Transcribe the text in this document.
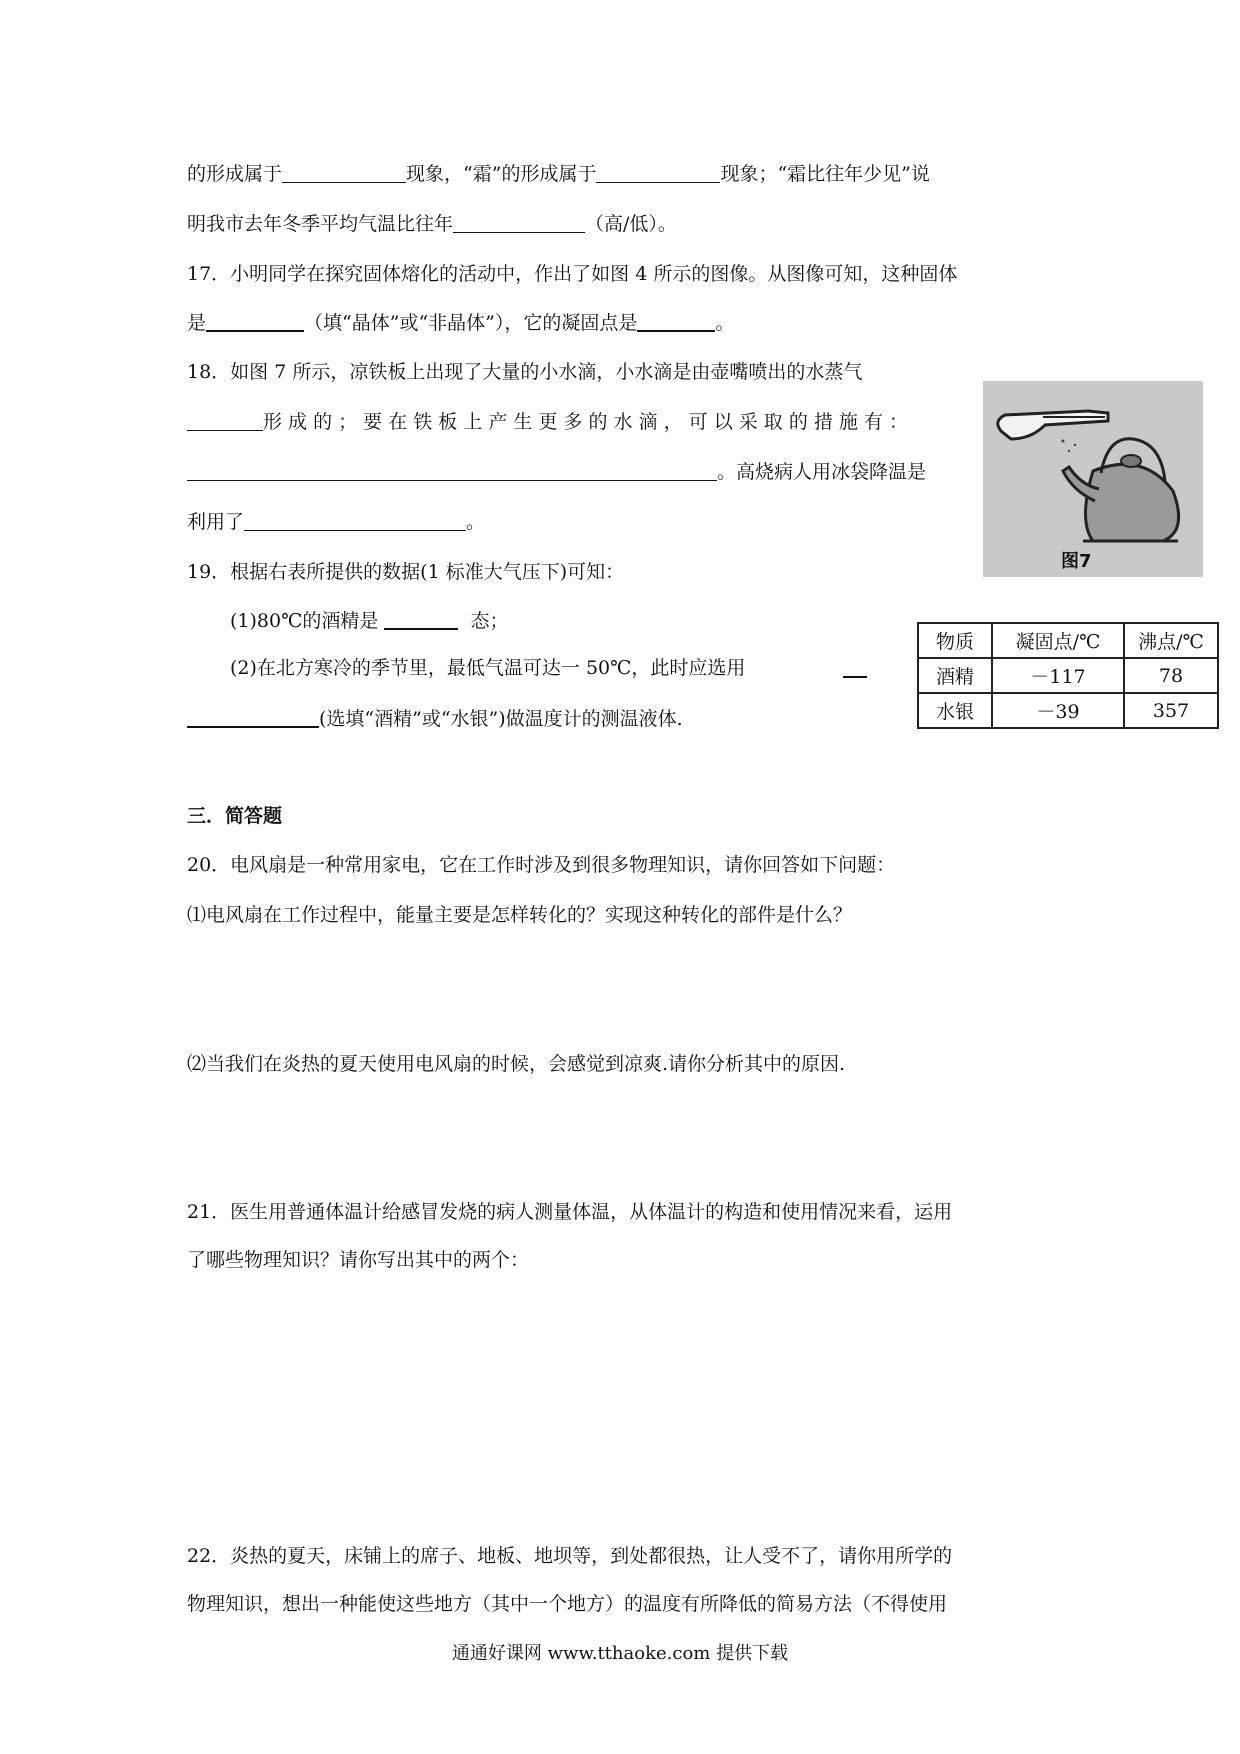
的形成属于	现象，“霜”的形成属于	现象；“霜比往年少见”说
明我市去年冬季平均气温比往年	（高/低）。
17．小明同学在探究固体熔化的活动中，作出了如图 4 所示的图像。从图像可知，这种固体
是	（填“晶体”或“非晶体”），它的凝固点是	。
18．如图 7 所示，凉铁板上出现了大量的小水滴，小水滴是由壶嘴喷出的水蒸气
形 成 的 ； 要 在 铁 板 上 产 生 更 多 的 水 滴 ， 可 以 采 取 的 措 施 有 ：
。高烧病人用冰袋降温是
利用了	。
图7
19．根据右表所提供的数据(1 标准大气压下)可知：
(1)80℃的酒精是	态；
(2)在北方寒冷的季节里，最低气温可达一 50℃，此时应选用
(选填“酒精”或“水银”)做温度计的测温液体.
物质	凝固点/℃	沸点/℃
酒精	－117	78
水银	－39	357
三．简答题
20．电风扇是一种常用家电，它在工作时涉及到很多物理知识，请你回答如下问题：
⑴电风扇在工作过程中，能量主要是怎样转化的？实现这种转化的部件是什么？
⑵当我们在炎热的夏天使用电风扇的时候，会感觉到凉爽.请你分析其中的原因.
21．医生用普通体温计给感冒发烧的病人测量体温，从体温计的构造和使用情况来看，运用
了哪些物理知识？请你写出其中的两个：
22．炎热的夏天，床铺上的席子、地板、地坝等，到处都很热，让人受不了，请你用所学的
物理知识，想出一种能使这些地方（其中一个地方）的温度有所降低的简易方法（不得使用
通通好课网 www.tthaoke.com 提供下载
